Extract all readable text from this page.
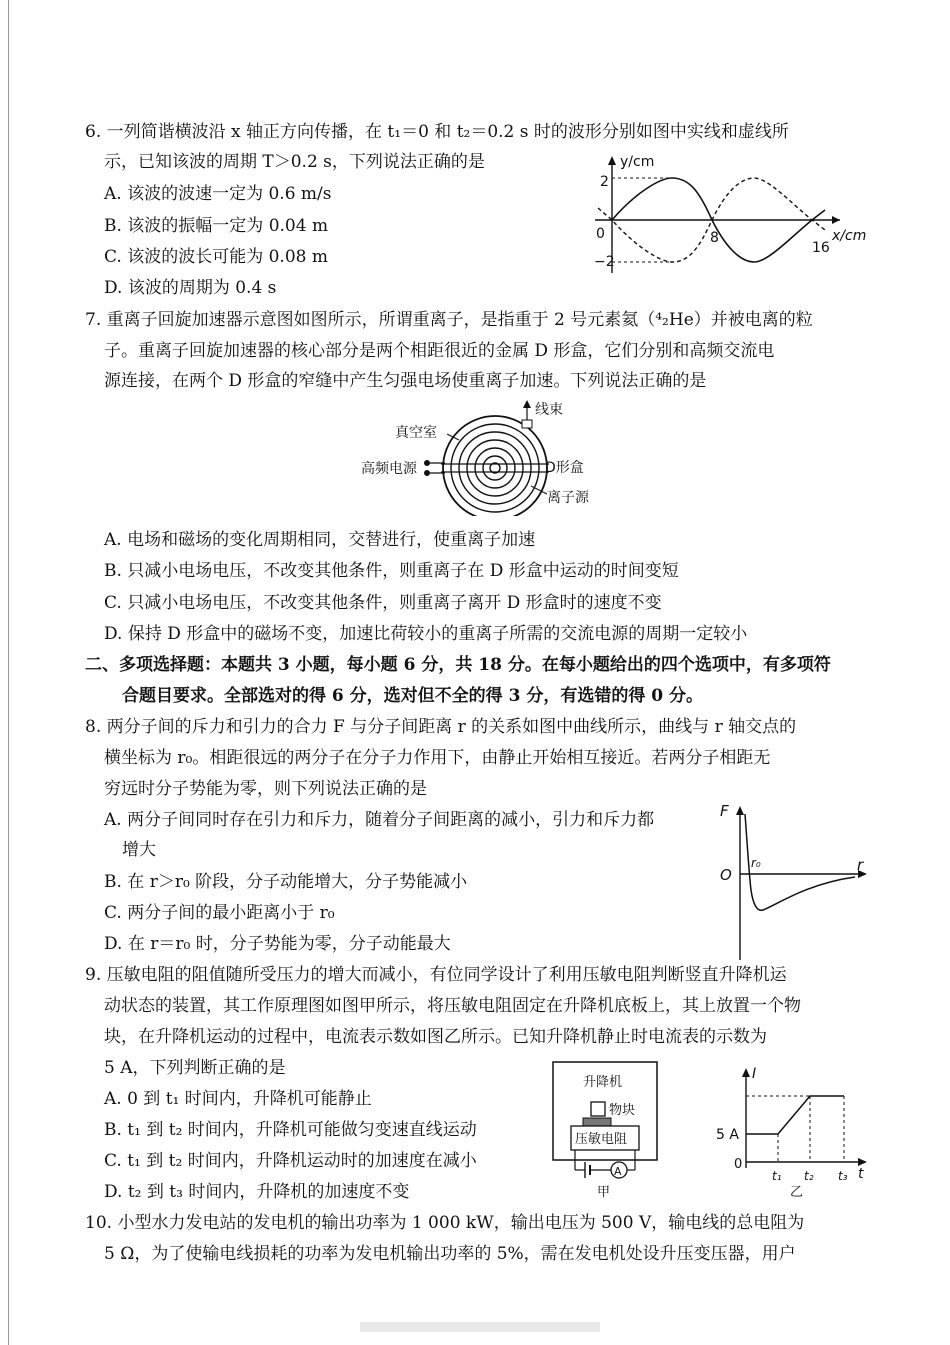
6. 一列简谐横波沿 x 轴正方向传播，在 t₁＝0 和 t₂＝0.2 s 时的波形分别如图中实线和虚线所
示，已知该波的周期 T＞0.2 s，下列说法正确的是
A. 该波的波速一定为 0.6 m/s
B. 该波的振幅一定为 0.04 m
C. 该波的波长可能为 0.08 m
D. 该波的周期为 0.4 s
y/cm
2
−2
0	8
16
x/cm
7. 重离子回旋加速器示意图如图所示，所谓重离子，是指重于 2 号元素氦（⁴₂He）并被电离的粒
子。重离子回旋加速器的核心部分是两个相距很近的金属 D 形盒，它们分别和高频交流电
源连接，在两个 D 形盒的窄缝中产生匀强电场使重离子加速。下列说法正确的是
线束
真空室
高频电源	D形盒
离子源
A. 电场和磁场的变化周期相同，交替进行，使重离子加速
B. 只减小电场电压，不改变其他条件，则重离子在 D 形盒中运动的时间变短
C. 只减小电场电压，不改变其他条件，则重离子离开 D 形盒时的速度不变
D. 保持 D 形盒中的磁场不变，加速比荷较小的重离子所需的交流电源的周期一定较小
二、多项选择题：本题共 3 小题，每小题 6 分，共 18 分。在每小题给出的四个选项中，有多项符
合题目要求。全部选对的得 6 分，选对但不全的得 3 分，有选错的得 0 分。
8. 两分子间的斥力和引力的合力 F 与分子间距离 r 的关系如图中曲线所示，曲线与 r 轴交点的
横坐标为 r₀。相距很远的两分子在分子力作用下，由静止开始相互接近。若两分子相距无
穷远时分子势能为零，则下列说法正确的是
A. 两分子间同时存在引力和斥力，随着分子间距离的减小，引力和斥力都
增大
B. 在 r＞r₀ 阶段，分子动能增大，分子势能减小
C. 两分子间的最小距离小于 r₀
D. 在 r＝r₀ 时，分子势能为零，分子动能最大
F
O
r₀	r
9. 压敏电阻的阻值随所受压力的增大而减小，有位同学设计了利用压敏电阻判断竖直升降机运
动状态的装置，其工作原理图如图甲所示，将压敏电阻固定在升降机底板上，其上放置一个物
块，在升降机运动的过程中，电流表示数如图乙所示。已知升降机静止时电流表的示数为
5 A，下列判断正确的是
A. 0 到 t₁ 时间内，升降机可能静止
B. t₁ 到 t₂ 时间内，升降机可能做匀变速直线运动
C. t₁ 到 t₂ 时间内，升降机运动时的加速度在减小
D. t₂ 到 t₃ 时间内，升降机的加速度不变
升降机
物块
压敏电阻
A
甲
I
5 A
0
t₁ t₂ t₃ t
乙
10. 小型水力发电站的发电机的输出功率为 1 000 kW，输出电压为 500 V，输电线的总电阻为
5 Ω，为了使输电线损耗的功率为发电机输出功率的 5%，需在发电机处设升压变压器，用户
